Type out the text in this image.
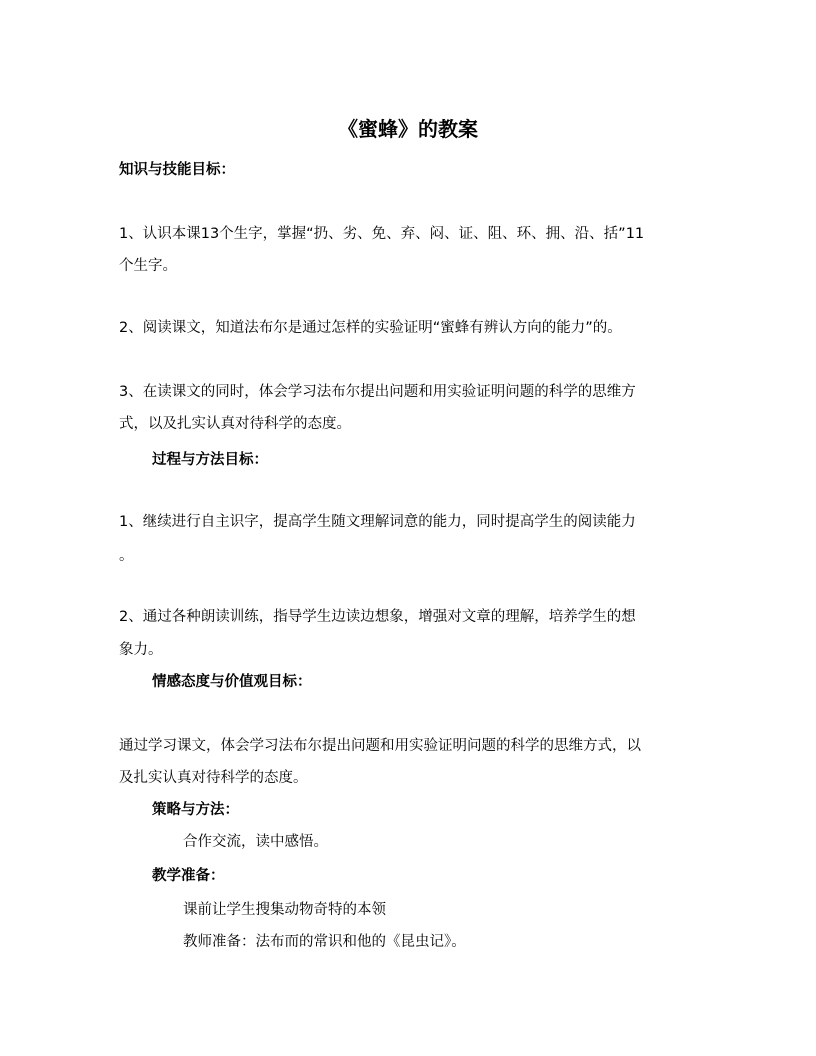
《蜜蜂》的教案
知识与技能目标：
1、认识本课13个生字，掌握“扔、劣、免、弃、闷、证、阻、环、拥、沿、括”11
个生字。
2、阅读课文，知道法布尔是通过怎样的实验证明“蜜蜂有辨认方向的能力”的。
3、在读课文的同时，体会学习法布尔提出问题和用实验证明问题的科学的思维方
式，以及扎实认真对待科学的态度。
过程与方法目标：
1、继续进行自主识字，提高学生随文理解词意的能力，同时提高学生的阅读能力
。
2、通过各种朗读训练，指导学生边读边想象，增强对文章的理解，培养学生的想
象力。
情感态度与价值观目标：
通过学习课文，体会学习法布尔提出问题和用实验证明问题的科学的思维方式，以
及扎实认真对待科学的态度。
策略与方法：
合作交流，读中感悟。
教学准备：
课前让学生搜集动物奇特的本领
教师准备：法布而的常识和他的《昆虫记》。
